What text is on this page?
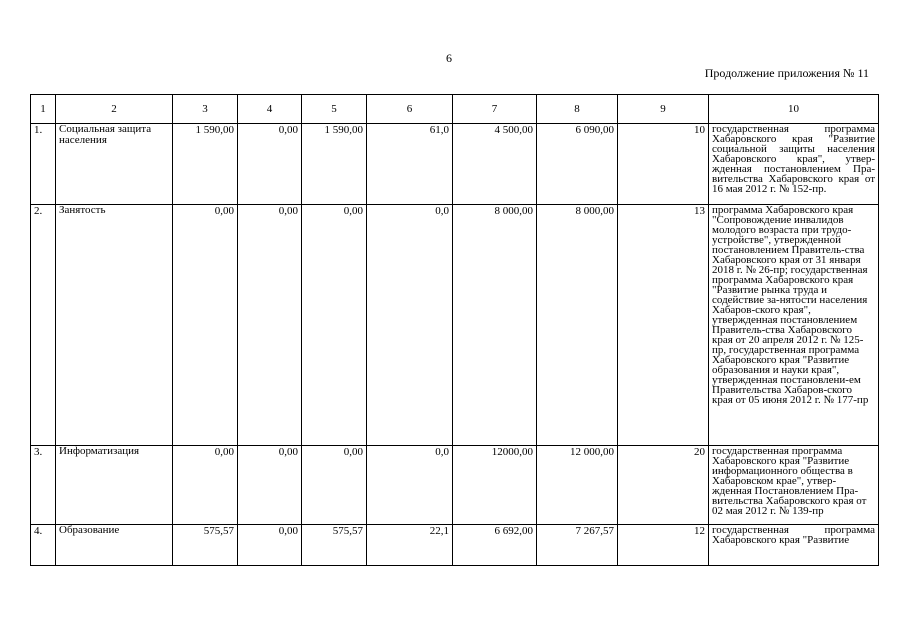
6
Продолжение приложения № 11
1	2	3	4	5	6	7	8	9	10
1.	Социальная защита населения	1 590,00	0,00	1 590,00	61,0	4 500,00	6 090,00	10	государственная программа Хабаровского края "Развитие социальной защиты населения Хабаровского края", утвер-жденная постановлением Пра-вительства Хабаровского края от 16 мая 2012 г. № 152-пр.
2.	Занятость	0,00	0,00	0,00	0,0	8 000,00	8 000,00	13	программа Хабаровского края "Сопровождение инвалидов молодого возраста при трудо-устройстве", утвержденной постановлением Правитель-ства Хабаровского края от 31 января 2018 г. № 26-пр; государственная программа Хабаровского края "Развитие рынка труда и содействие за-нятости населения Хабаров-ского края", утвержденная постановлением Правитель-ства Хабаровского края от 20 апреля 2012 г. № 125-пр, государственная программа Хабаровского края "Развитие образования и науки края", утвержденная постановлени-ем Правительства Хабаров-ского края от 05 июня 2012 г. № 177-пр
3.	Информатизация	0,00	0,00	0,00	0,0	12000,00	12 000,00	20	государственная программа Хабаровского края "Развитие информационного общества в Хабаровском крае", утвер-жденная Постановлением Пра-вительства Хабаровского края от 02 мая 2012 г. № 139-пр
4.	Образование	575,57	0,00	575,57	22,1	6 692,00	7 267,57	12	государственная программа Хабаровского края "Развитие
